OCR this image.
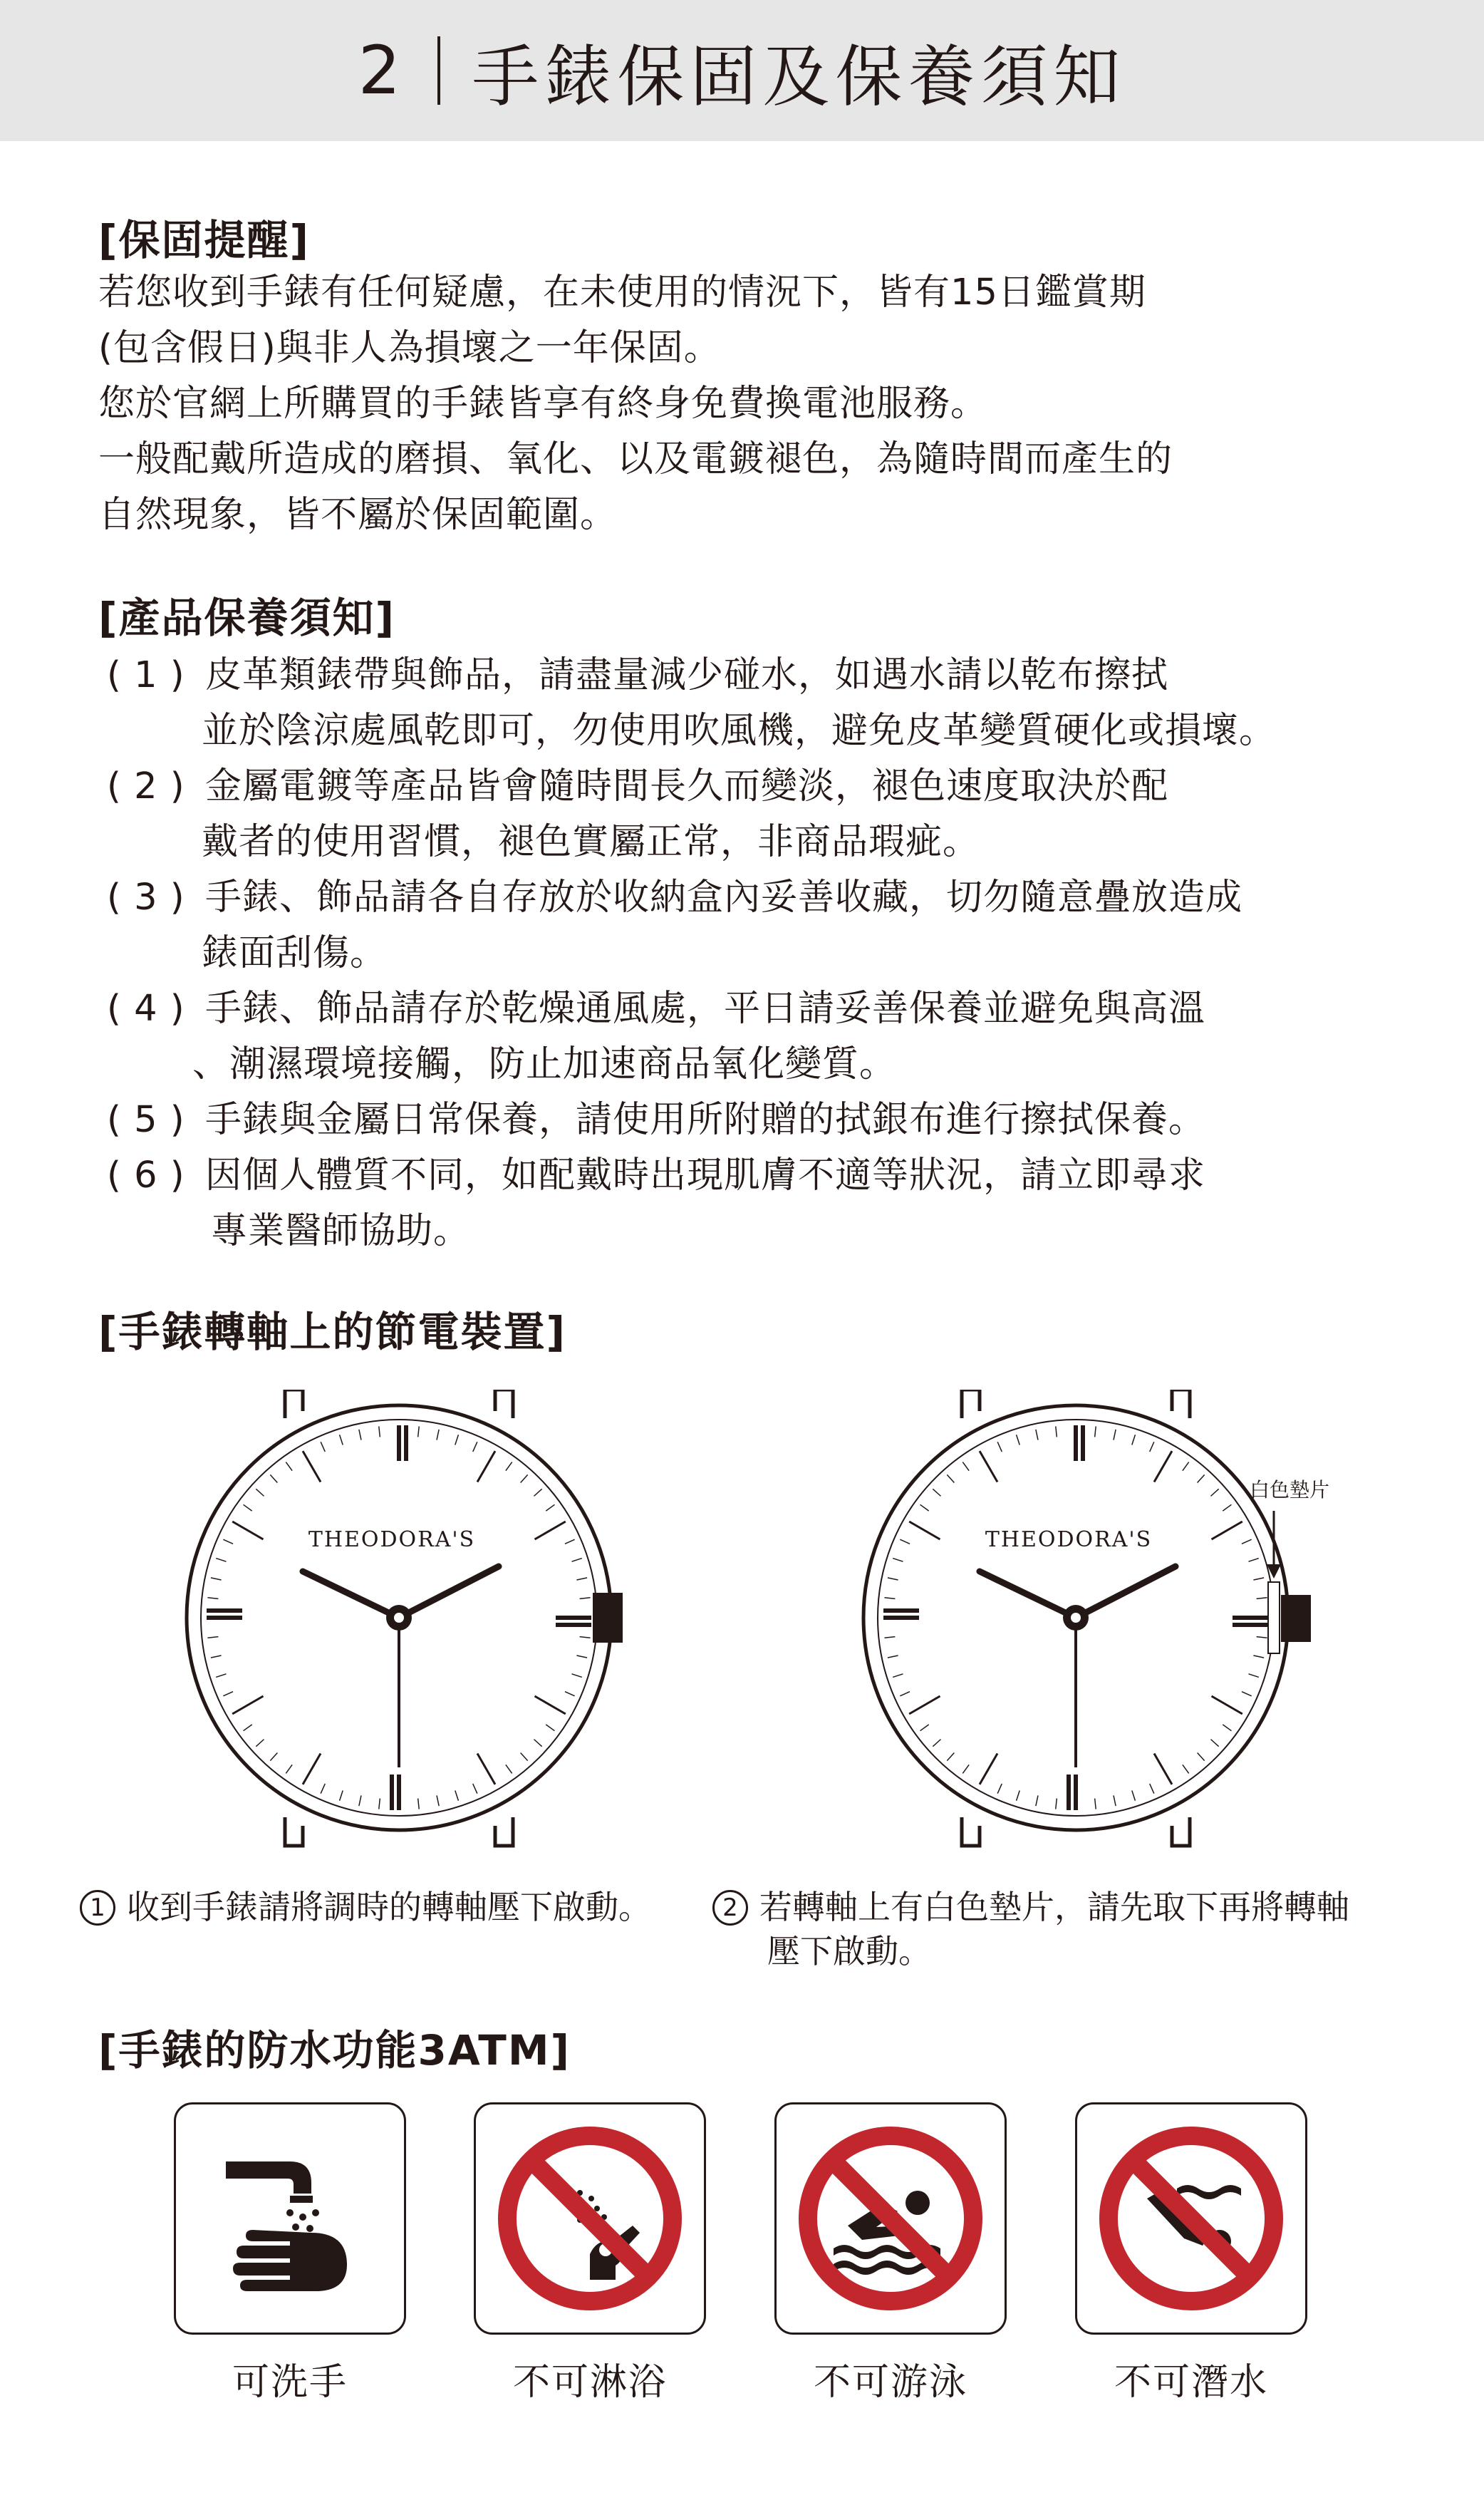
2 手錶保固及保養須知
[保固提醒]
若您收到手錶有任何疑慮，在未使用的情況下，皆有15日鑑賞期
(包含假日)與非人為損壞之一年保固。
您於官網上所購買的手錶皆享有終身免費換電池服務。
一般配戴所造成的磨損、氧化、以及電鍍褪色，為隨時間而產生的
自然現象，皆不屬於保固範圍。
[產品保養須知]
( 1 ) 皮革類錶帶與飾品，請盡量減少碰水，如遇水請以乾布擦拭
並於陰涼處風乾即可，勿使用吹風機，避免皮革變質硬化或損壞。
( 2 ) 金屬電鍍等產品皆會隨時間長久而變淡，褪色速度取決於配
戴者的使用習慣，褪色實屬正常，非商品瑕疵。
( 3 ) 手錶、飾品請各自存放於收納盒內妥善收藏，切勿隨意疊放造成
錶面刮傷。
( 4 ) 手錶、飾品請存於乾燥通風處，平日請妥善保養並避免與高溫
、潮濕環境接觸，防止加速商品氧化變質。
( 5 ) 手錶與金屬日常保養，請使用所附贈的拭銀布進行擦拭保養。
( 6 ) 因個人體質不同，如配戴時出現肌膚不適等狀況，請立即尋求
專業醫師協助。
[手錶轉軸上的節電裝置]
THEODORA'S
白色墊片
THEODORA'S
1 收到手錶請將調時的轉軸壓下啟動。	2 若轉軸上有白色墊片，請先取下再將轉軸
壓下啟動。
[手錶的防水功能3ATM]
可洗手	不可淋浴	不可游泳	不可潛水
